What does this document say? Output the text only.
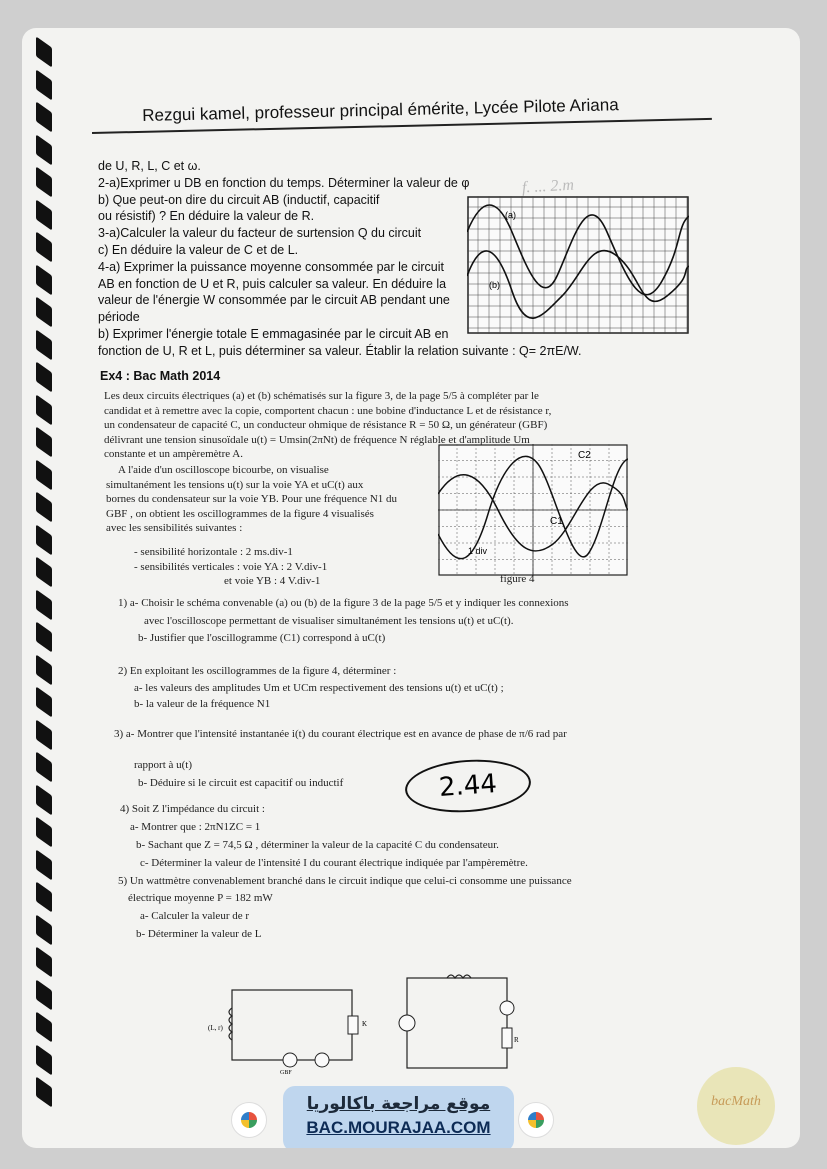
Rezgui kamel, professeur principal émérite, Lycée Pilote Ariana
f. ... 2.m
de U, R, L, C et ω.
2-a)Exprimer u DB en fonction du temps. Déterminer la valeur de φ
b) Que peut-on dire du circuit AB (inductif, capacitif
ou résistif) ? En déduire la valeur de R.
3-a)Calculer la valeur du facteur de surtension Q du circuit
c) En déduire la valeur de C et de L.
4-a) Exprimer la puissance moyenne consommée par le circuit
AB en fonction de U et R, puis calculer sa valeur. En déduire la
valeur de l'énergie W consommée par le circuit AB pendant une
période
b) Exprimer l'énergie totale E emmagasinée par le circuit AB en
fonction de U, R et L, puis déterminer sa valeur. Établir la relation suivante : Q= 2πE/W.
(a)
(b)
Ex4 : Bac Math 2014
Les deux circuits électriques (a) et (b) schématisés sur la figure 3, de la page 5/5 à compléter par le
candidat et à remettre avec la copie, comportent chacun : une bobine d'inductance L et de résistance r,
un condensateur de capacité C, un conducteur ohmique de résistance R = 50 Ω, un générateur (GBF)
délivrant une tension sinusoïdale u(t) = Umsin(2πNt) de fréquence N réglable et d'amplitude Um
constante et un ampèremètre A.
A l'aide d'un oscilloscope bicourbe, on visualise
simultanément les tensions u(t) sur la voie YA et uC(t) aux
bornes du condensateur sur la voie YB. Pour une fréquence N1 du
GBF , on obtient les oscillogrammes de la figure 4 visualisés
avec les sensibilités suivantes :
- sensibilité horizontale : 2 ms.div-1
- sensibilités verticales : voie YA : 2 V.div-1
et voie YB : 4 V.div-1
C2
C1
1 div
figure 4
1) a- Choisir le schéma convenable (a) ou (b) de la figure 3 de la page 5/5 et y indiquer les connexions
avec l'oscilloscope permettant de visualiser simultanément les tensions u(t) et uC(t).
b- Justifier que l'oscillogramme (C1) correspond à uC(t)
2) En exploitant les oscillogrammes de la figure 4, déterminer :
a- les valeurs des amplitudes Um et UCm respectivement des tensions u(t) et uC(t) ;
b- la valeur de la fréquence N1
3) a- Montrer que l'intensité instantanée i(t) du courant électrique est en avance de phase de π/6 rad par
rapport à u(t)
b- Déduire si le circuit est capacitif ou inductif
4) Soit Z l'impédance du circuit :
a- Montrer que : 2πN1ZC = 1
b- Sachant que Z = 74,5 Ω , déterminer la valeur de la capacité C du condensateur.
c- Déterminer la valeur de l'intensité I du courant électrique indiquée par l'ampèremètre.
5) Un wattmètre convenablement branché dans le circuit indique que celui-ci consomme une puissance
électrique moyenne P = 182 mW
a- Calculer la valeur de r
b- Déterminer la valeur de L
2.44
(L, r)	K
GBF
R
موقع مراجعة باكالوريا
BAC.MOURAJAA.COM
bacMath
